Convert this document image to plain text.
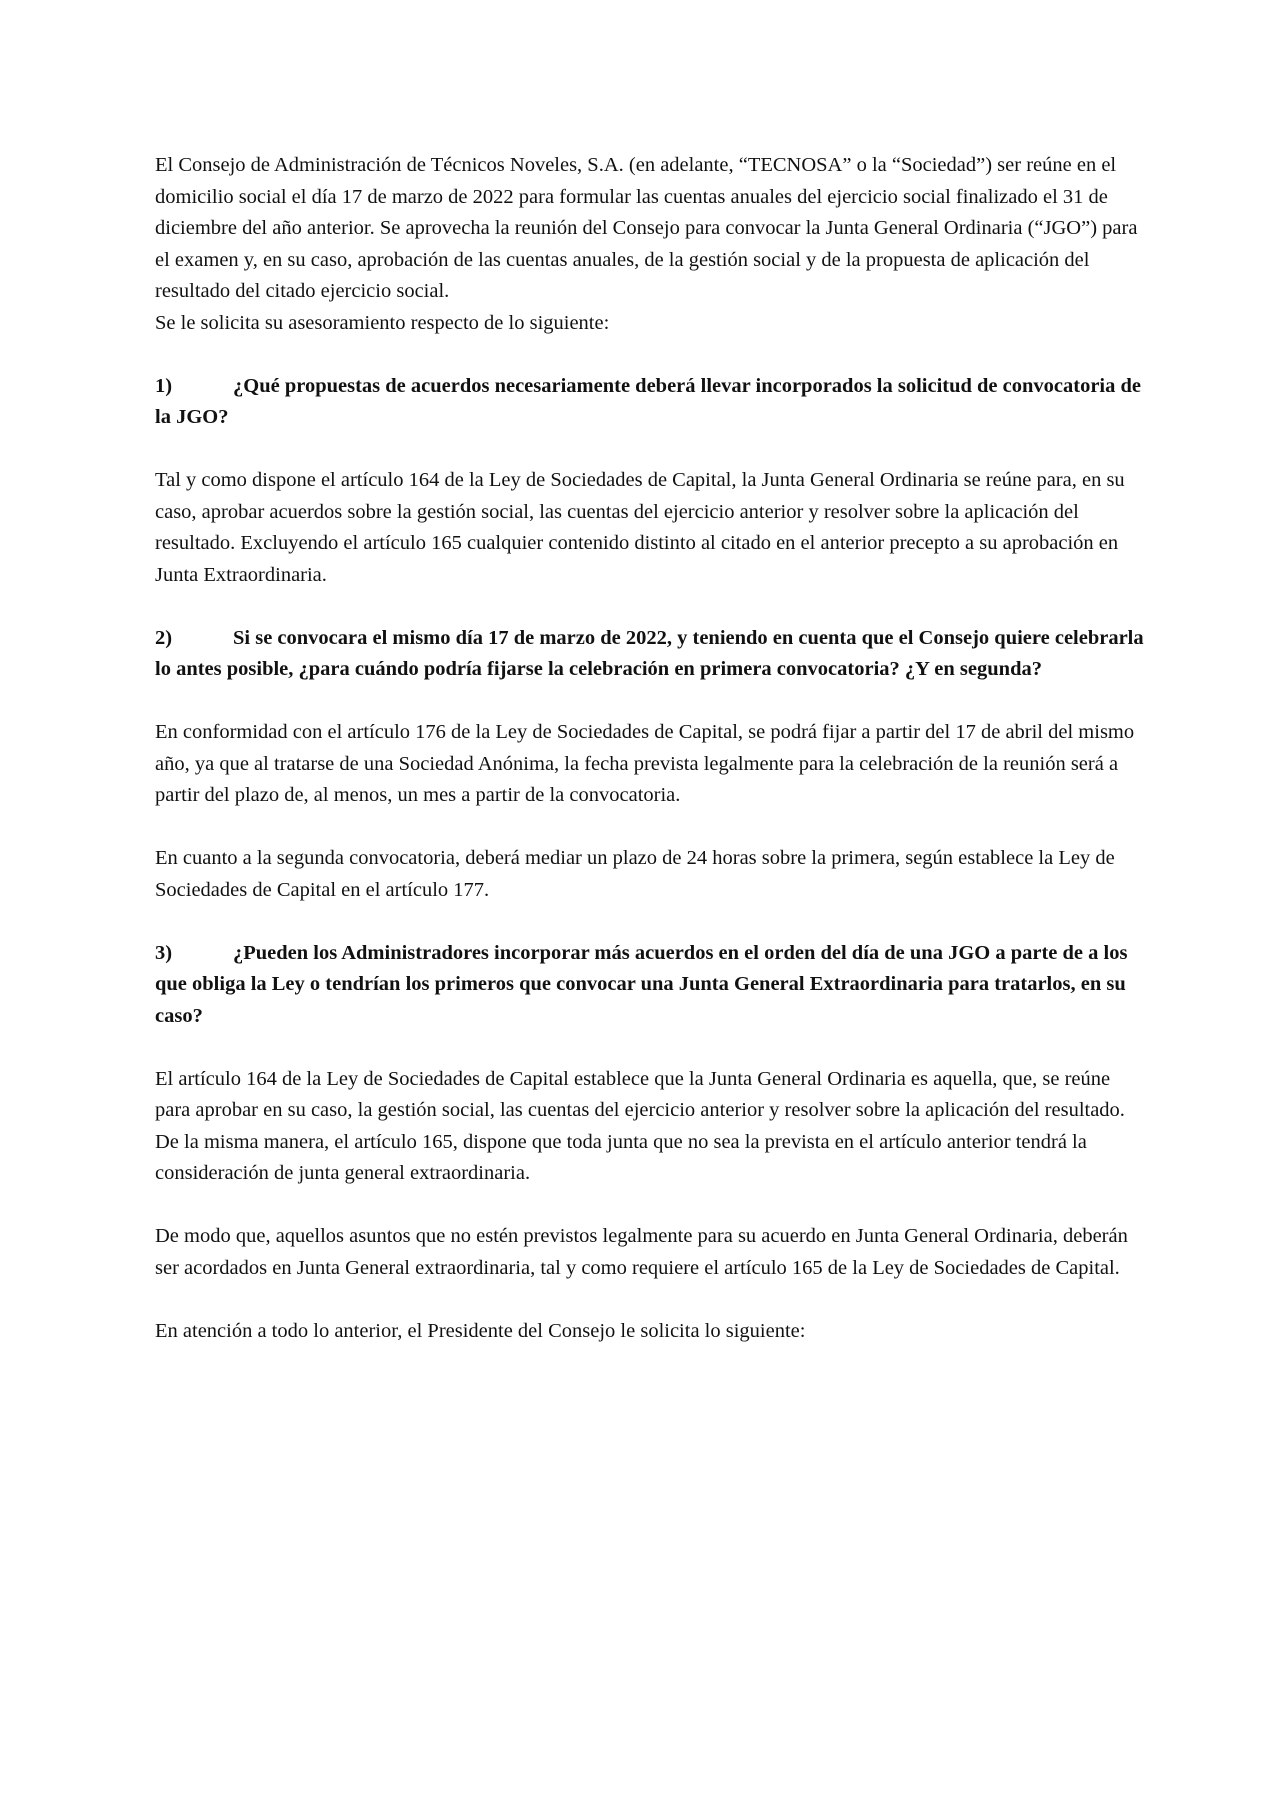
El Consejo de Administración de Técnicos Noveles, S.A. (en adelante, “TECNOSA” o la “Sociedad”) ser reúne en el domicilio social el día 17 de marzo de 2022 para formular las cuentas anuales del ejercicio social finalizado el 31 de diciembre del año anterior. Se aprovecha la reunión del Consejo para convocar la Junta General Ordinaria (“JGO”) para el examen y, en su caso, aprobación de las cuentas anuales, de la gestión social y de la propuesta de aplicación del resultado del citado ejercicio social.

Se le solicita su asesoramiento respecto de lo siguiente:

1)	¿Qué propuestas de acuerdos necesariamente deberá llevar incorporados la solicitud de convocatoria de la JGO?

Tal y como dispone el artículo 164 de la Ley de Sociedades de Capital, la Junta General Ordinaria se reúne para, en su caso, aprobar acuerdos sobre la gestión social, las cuentas del ejercicio anterior y resolver sobre la aplicación del resultado. Excluyendo el artículo 165 cualquier contenido distinto al citado en el anterior precepto a su aprobación en Junta Extraordinaria.

2)	Si se convocara el mismo día 17 de marzo de 2022, y teniendo en cuenta que el Consejo quiere celebrarla lo antes posible, ¿para cuándo podría fijarse la celebración en primera convocatoria? ¿Y en segunda?

En conformidad con el artículo 176 de la Ley de Sociedades de Capital, se podrá fijar a partir del 17 de abril del mismo año, ya que al tratarse de una Sociedad Anónima, la fecha prevista legalmente para la celebración de la reunión será a partir del plazo de, al menos, un mes a partir de la convocatoria.

En cuanto a la segunda convocatoria, deberá mediar un plazo de 24 horas sobre la primera, según establece la Ley de Sociedades de Capital en el artículo 177.

3)	¿Pueden los Administradores incorporar más acuerdos en el orden del día de una JGO a parte de a los que obliga la Ley o tendrían los primeros que convocar una Junta General Extraordinaria para tratarlos, en su caso?

El artículo 164 de la Ley de Sociedades de Capital establece que la Junta General Ordinaria es aquella, que, se reúne para aprobar en su caso, la gestión social, las cuentas del ejercicio anterior y resolver sobre la aplicación del resultado. De la misma manera, el artículo 165, dispone que toda junta que no sea la prevista en el artículo anterior tendrá la consideración de junta general extraordinaria.

De modo que, aquellos asuntos que no estén previstos legalmente para su acuerdo en Junta General Ordinaria, deberán ser acordados en Junta General extraordinaria, tal y como requiere el artículo 165 de la Ley de Sociedades de Capital.

En atención a todo lo anterior, el Presidente del Consejo le solicita lo siguiente:
